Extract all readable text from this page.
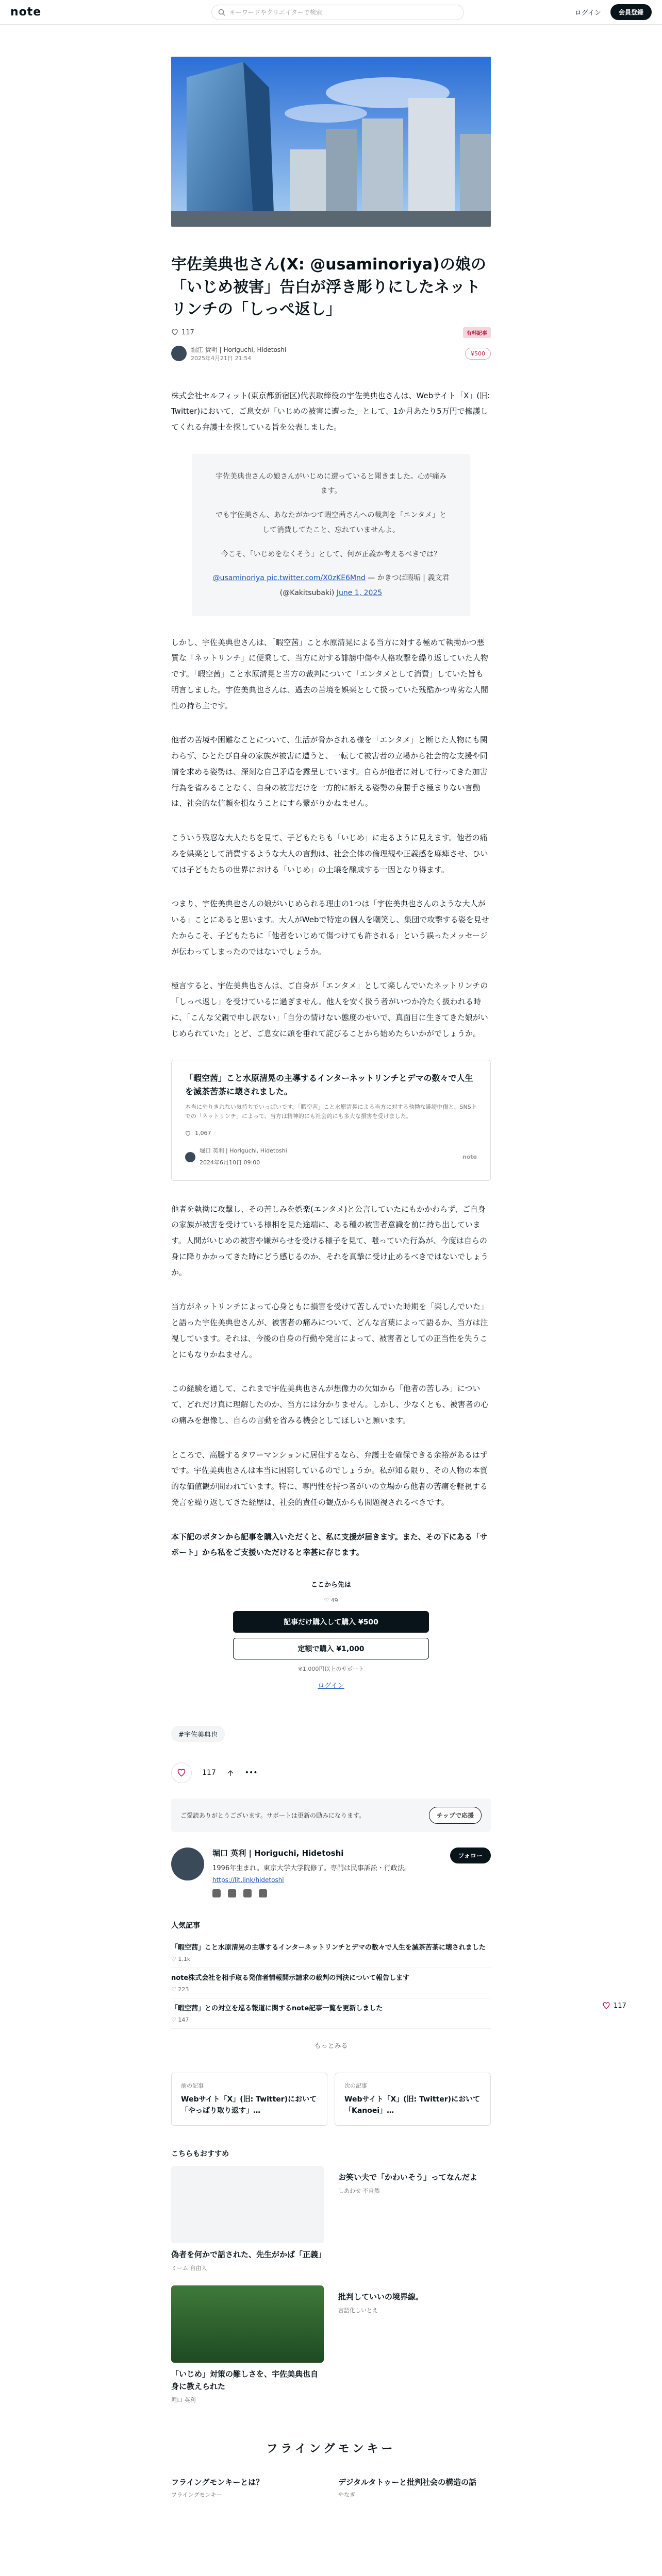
note	キーワードやクリエイターで検索	ログイン	会員登録
宇佐美典也さん(X: @usaminoriya)の娘の「いじめ被害」告白が浮き彫りにしたネットリンチの「しっぺ返し」
117	有料記事
堀江 貴明 | Horiguchi, Hidetoshi
2025年4月21日 21:54
¥500

株式会社セルフィット(東京都新宿区)代表取締役の宇佐美典也さんは、Webサイト「X」(旧: Twitter)において、ご息女が「いじめの被害に遭った」として、1か月あたり5万円で擁護してくれる弁護士を探している旨を公表しました。

宇佐美典也さんの娘さんがいじめに遭っていると聞きました。心が痛みます。

でも宇佐美さん、あなたがかつて暇空茜さんへの裁判を「エンタメ」として消費してたこと、忘れていませんよ。

今こそ、「いじめをなくそう」として、何が正義か考えるべきでは？

@usaminoriya pic.twitter.com/X0zKE6Mnd — かきつば暇垢 | 義文君 (@Kakitsubaki) June 1, 2025

しかし、宇佐美典也さんは、「暇空茜」こと水原清晃による当方に対する極めて執拗かつ悪質な「ネットリンチ」に便乗して、当方に対する誹謗中傷や人格攻撃を繰り返していた人物です。「暇空茜」こと水原清晃と当方の裁判について「エンタメとして消費」していた旨も明言しました。宇佐美典也さんは、過去の苦境を娯楽として扱っていた残酷かつ卑劣な人間性の持ち主です。

他者の苦境や困難なことについて、生活が脅かされる様を「エンタメ」と断じた人物にも関わらず、ひとたび自身の家族が被害に遭うと、一転して被害者の立場から社会的な支援や同情を求める姿勢は、深刻な自己矛盾を露呈しています。自らが他者に対して行ってきた加害行為を省みることなく、自身の被害だけを一方的に訴える姿勢の身勝手さ極まりない言動は、社会的な信頼を損なうことにすら繋がりかねません。

こういう残忍な大人たちを見て、子どもたちも「いじめ」に走るように見えます。他者の痛みを娯楽として消費するような大人の言動は、社会全体の倫理観や正義感を麻痺させ、ひいては子どもたちの世界における「いじめ」の土壌を醸成する一因となり得ます。

つまり、宇佐美典也さんの娘がいじめられる理由の1つは「宇佐美典也さんのような大人がいる」ことにあると思います。大人がWebで特定の個人を嘲笑し、集団で攻撃する姿を見せたからこそ、子どもたちに「他者をいじめて傷つけても許される」という誤ったメッセージが伝わってしまったのではないでしょうか。

極言すると、宇佐美典也さんは、ご自身が「エンタメ」として楽しんでいたネットリンチの「しっぺ返し」を受けているに過ぎません。他人を安く扱う者がいつか冷たく扱われる時に、「こんな父親で申し訳ない」「自分の情けない態度のせいで、真面目に生きてきた娘がいじめられていた」とど、ご息女に頭を垂れて詫びることから始めたらいかがでしょうか。

「暇空茜」こと水原清晃の主導するインターネットリンチとデマの数々で人生を滅茶苦茶に壊されました。
本当にやりきれない気持ちでいっぱいです。「暇空茜」こと水原清晃による当方に対する執拗な誹謗中傷と、SNS上での「ネットリンチ」によって、当方は精神的にも社会的にも多大な損害を受けました。
1,067
堀口 英利 | Horiguchi, Hidetoshi
2024年6月10日 09:00
note

他者を執拗に攻撃し、その苦しみを娯楽(エンタメ)と公言していたにもかかわらず、ご自身の家族が被害を受けている様相を見た途端に、ある種の被害者意識を前に持ち出しています。人間がいじめの被害や嫌がらせを受ける様子を見て、嗤っていた行為が、今度は自らの身に降りかかってきた時にどう感じるのか、それを真摯に受け止めるべきではないでしょうか。

当方がネットリンチによって心身ともに損害を受けて苦しんでいた時期を「楽しんでいた」と語った宇佐美典也さんが、被害者の痛みについて、どんな言葉によって語るか、当方は注視しています。それは、今後の自身の行動や発言によって、被害者としての正当性を失うことにもなりかねません。

この経験を通して、これまで宇佐美典也さんが想像力の欠如から「他者の苦しみ」について、どれだけ真に理解したのか、当方には分かりません。しかし、少なくとも、被害者の心の痛みを想像し、自らの言動を省みる機会としてほしいと願います。

ところで、高騰するタワーマンションに居住するなら、弁護士を確保できる余裕があるはずです。宇佐美典也さんは本当に困窮しているのでしょうか。私が知る限り、その人物の本質的な価値観が問われています。特に、専門性を持つ者がいの立場から他者の苦痛を軽視する発言を繰り返してきた経歴は、社会的責任の観点からも問題視されるべきです。

本下記のボタンから記事を購入いただくと、私に支援が届きます。また、その下にある「サポート」から私をご支援いただけると幸甚に存じます。

ここから先は
♡ 49
記事だけ購入して購入 ¥500
定額で購入 ¥1,000
※1,000円以上のサポート
ログイン
#宇佐美典也
117	•••
ご愛読ありがとうございます。サポートは更新の励みになります。	チップで応援
堀口 英利 | Horiguchi, Hidetoshi
1996年生まれ。東京大学大学院修了。専門は民事訴訟・行政法。
https://lit.link/hidetoshi
フォロー
人気記事
「暇空茜」こと水原清晃の主導するインターネットリンチとデマの数々で人生を滅茶苦茶に壊されました
♡ 1.1k
note株式会社を相手取る発信者情報開示請求の裁判の判決について報告します
♡ 223
「暇空茜」との対立を巡る報道に関するnote記事一覧を更新しました
♡ 147
もっとみる
前の記事
Webサイト「X」(旧: Twitter)において「やっぱり取り返す」…
次の記事
Webサイト「X」(旧: Twitter)において「Kanoei」…
こちらもおすすめ
偽者を何かで話された、先生がかば「正義」
ミーム 自由人
お笑い夫で「かわいそう」ってなんだよ
しあわせ 不自然
「いじめ」対策の難しさを、宇佐美典也自身に教えられた
堀口 英利
批判していいの境界線。
言語化しいとえ
フライングモンキー
フライングモンキーとは？
フライングモンキー
デジタルタトゥーと批判社会の構造の話
やなぎ
117
